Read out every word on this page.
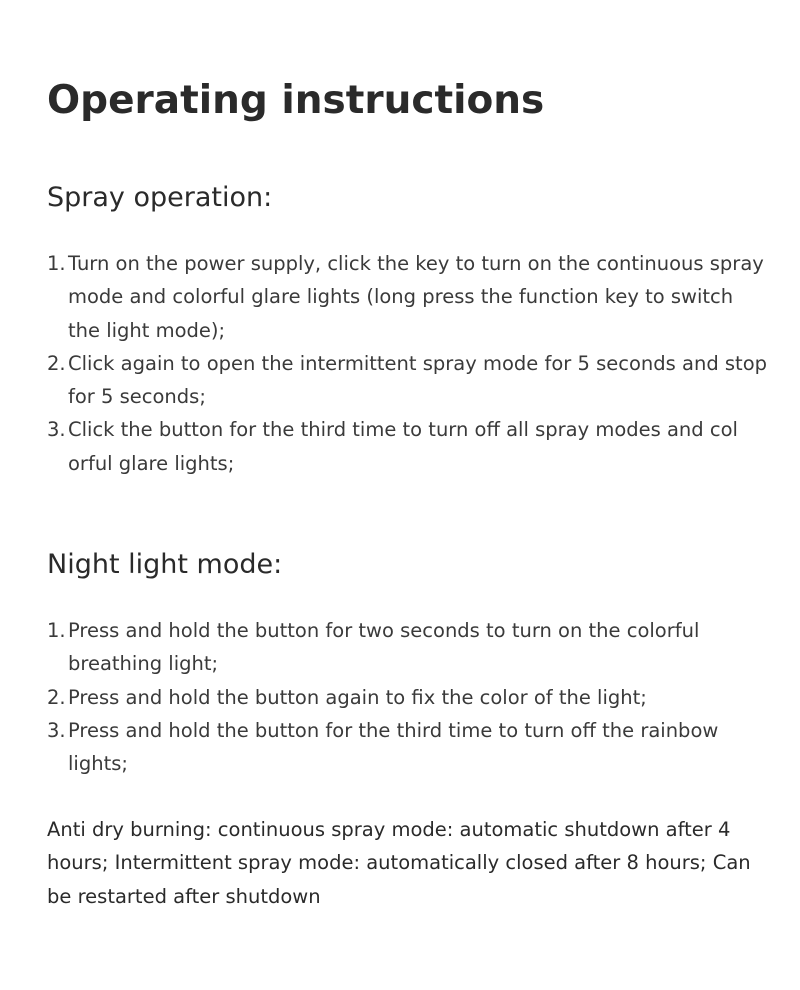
Operating instructions
Spray operation:
1. Turn on the power supply, click the key to turn on the continuous spray mode and colorful glare lights (long press the function key to switch the light mode);
2. Click again to open the intermittent spray mode for 5 seconds and stop for 5 seconds;
3. Click the button for the third time to turn off all spray modes and col orful glare lights;
Night light mode:
1. Press and hold the button for two seconds to turn on the colorful breathing light;
2. Press and hold the button again to fix the color of the light;
3. Press and hold the button for the third time to turn off the rainbow lights;

Anti dry burning: continuous spray mode: automatic shutdown after 4 hours; Intermittent spray mode: automatically closed after 8 hours; Can be restarted after shutdown
